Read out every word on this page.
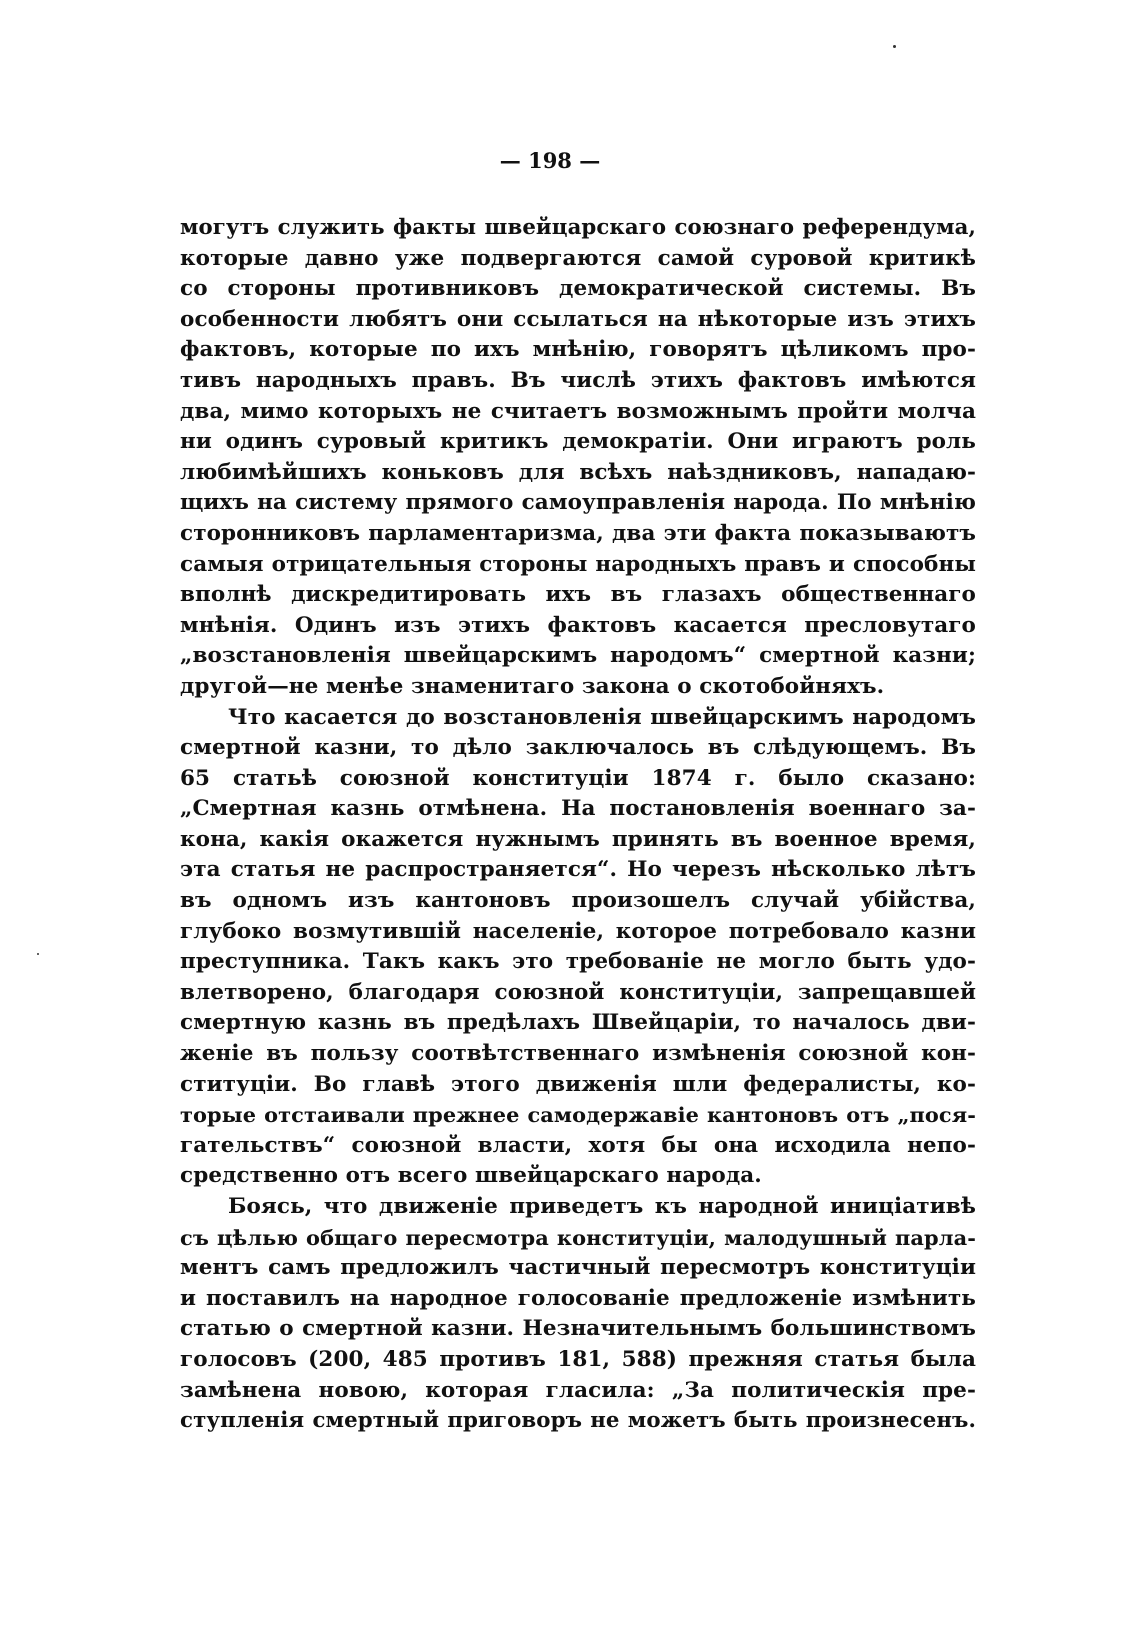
— 198 —
могутъ служить факты швейцарскаго союзнаго референдума,
которые давно уже подвергаются самой суровой критикѣ
со стороны противниковъ демократической системы. Въ
особенности любятъ они ссылаться на нѣкоторые изъ этихъ
фактовъ, которые по ихъ мнѣнію, говорятъ цѣликомъ про-
тивъ народныхъ правъ. Въ числѣ этихъ фактовъ имѣются
два, мимо которыхъ не считаетъ возможнымъ пройти молча
ни одинъ суровый критикъ демократіи. Они играютъ роль
любимѣйшихъ коньковъ для всѣхъ наѣздниковъ, нападаю-
щихъ на систему прямого самоуправленія народа. По мнѣнію
сторонниковъ парламентаризма, два эти факта показываютъ
самыя отрицательныя стороны народныхъ правъ и способны
вполнѣ дискредитировать ихъ въ глазахъ общественнаго
мнѣнія. Одинъ изъ этихъ фактовъ касается пресловутаго
„возстановленія швейцарскимъ народомъ“ смертной казни;
другой—не менѣе знаменитаго закона о скотобойняхъ.
Что касается до возстановленія швейцарскимъ народомъ
смертной казни, то дѣло заключалось въ слѣдующемъ. Въ
65 статьѣ союзной конституціи 1874 г. было сказано:
„Смертная казнь отмѣнена. На постановленія военнаго за-
кона, какія окажется нужнымъ принять въ военное время,
эта статья не распространяется“. Но черезъ нѣсколько лѣтъ
въ одномъ изъ кантоновъ произошелъ случай убійства,
глубоко возмутившій населеніе, которое потребовало казни
преступника. Такъ какъ это требованіе не могло быть удо-
влетворено, благодаря союзной конституціи, запрещавшей
смертную казнь въ предѣлахъ Швейцаріи, то началось дви-
женіе въ пользу соотвѣтственнаго измѣненія союзной кон-
ституціи. Во главѣ этого движенія шли федералисты, ко-
торые отстаивали прежнее самодержавіе кантоновъ отъ „пося-
гательствъ“ союзной власти, хотя бы она исходила непо-
средственно отъ всего швейцарскаго народа.
Боясь, что движеніе приведетъ къ народной иниціативѣ
съ цѣлью общаго пересмотра конституціи, малодушный парла-
ментъ самъ предложилъ частичный пересмотръ конституціи
и поставилъ на народное голосованіе предложеніе измѣнить
статью о смертной казни. Незначительнымъ большинствомъ
голосовъ (200, 485 противъ 181, 588) прежняя статья была
замѣнена новою, которая гласила: „За политическія пре-
ступленія смертный приговоръ не можетъ быть произнесенъ.
